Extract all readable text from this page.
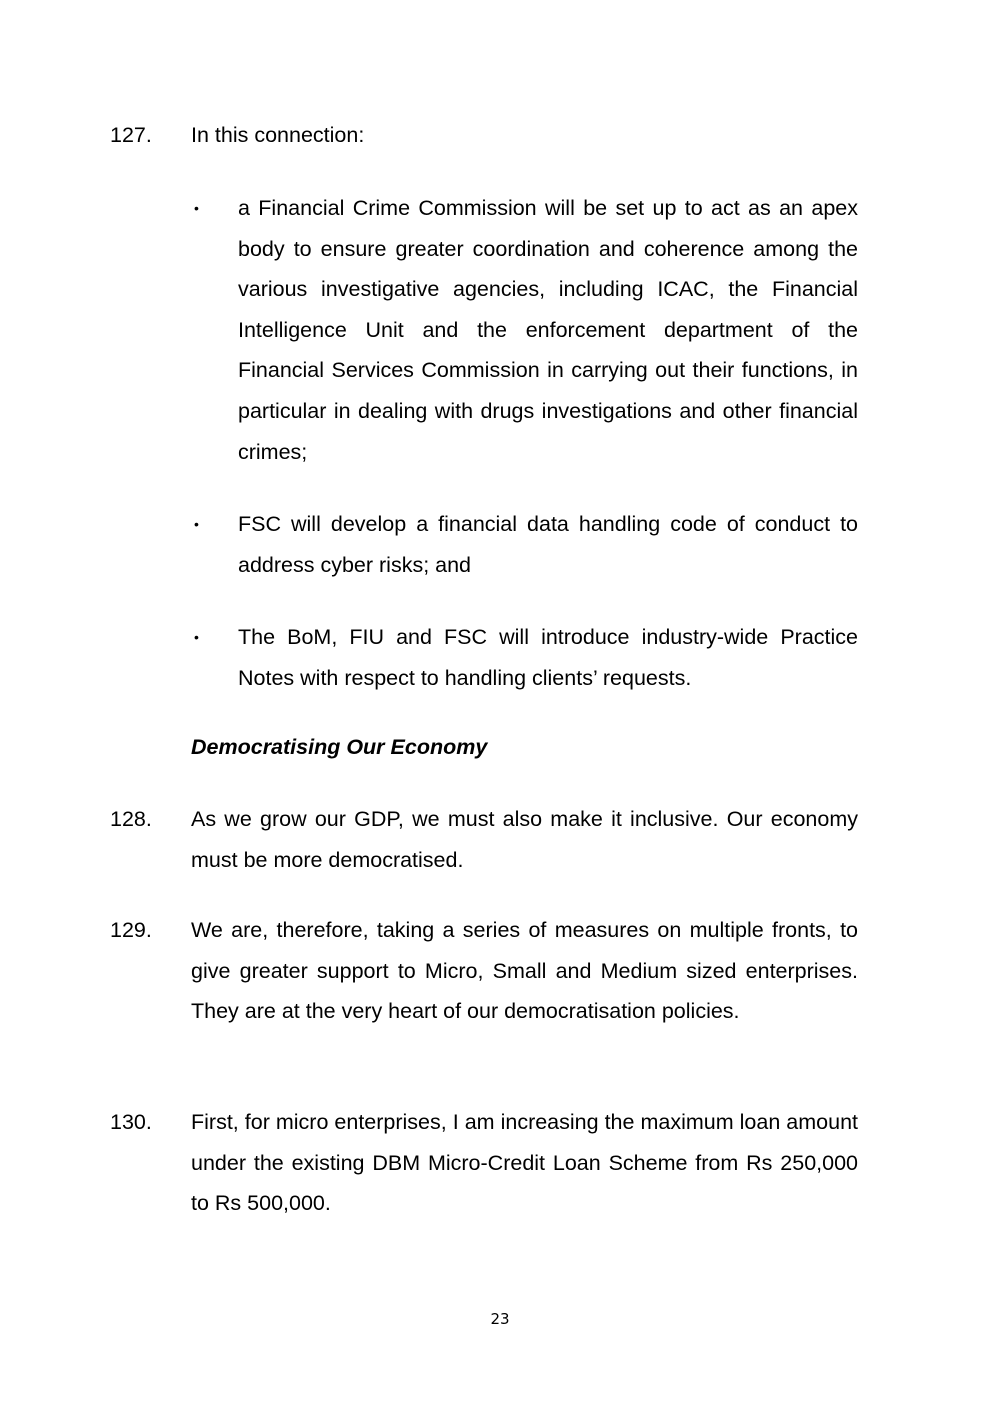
127. In this connection:
• a Financial Crime Commission will be set up to act as an apex body to ensure greater coordination and coherence among the various investigative agencies, including ICAC, the Financial Intelligence Unit and the enforcement department of the Financial Services Commission in carrying out their functions, in particular in dealing with drugs investigations and other financial crimes;
• FSC will develop a financial data handling code of conduct to address cyber risks; and
• The BoM, FIU and FSC will introduce industry-wide Practice Notes with respect to handling clients’ requests.
Democratising Our Economy
128. As we grow our GDP, we must also make it inclusive. Our economy must be more democratised.
129. We are, therefore, taking a series of measures on multiple fronts, to give greater support to Micro, Small and Medium sized enterprises. They are at the very heart of our democratisation policies.
130. First, for micro enterprises, I am increasing the maximum loan amount under the existing DBM Micro-Credit Loan Scheme from Rs 250,000 to Rs 500,000.
23
